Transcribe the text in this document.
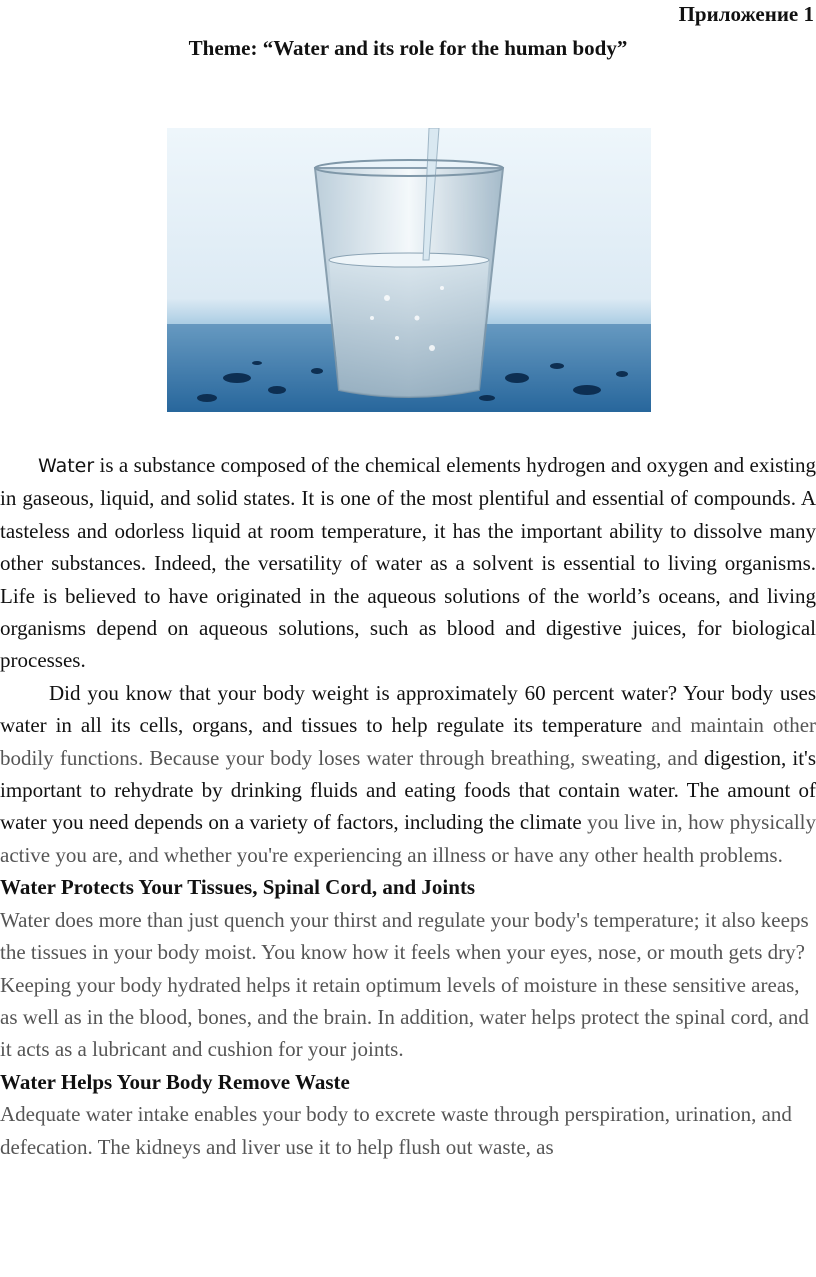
Приложение 1
Theme: “Water and its role for the human body”

Water is a substance composed of the chemical elements hydrogen and oxygen and existing in gaseous, liquid, and solid states. It is one of the most plentiful and essential of compounds. A tasteless and odorless liquid at room temperature, it has the important ability to dissolve many other substances. Indeed, the versatility of water as a solvent is essential to living organisms. Life is believed to have originated in the aqueous solutions of the world’s oceans, and living organisms depend on aqueous solutions, such as blood and digestive juices, for biological processes.

Did you know that your body weight is approximately 60 percent water? Your body uses water in all its cells, organs, and tissues to help regulate its temperature and maintain other bodily functions. Because your body loses water through breathing, sweating, and digestion, it's important to rehydrate by drinking fluids and eating foods that contain water. The amount of water you need depends on a variety of factors, including the climate you live in, how physically active you are, and whether you're experiencing an illness or have any other health problems.

Water Protects Your Tissues, Spinal Cord, and Joints

Water does more than just quench your thirst and regulate your body's temperature; it also keeps the tissues in your body moist. You know how it feels when your eyes, nose, or mouth gets dry? Keeping your body hydrated helps it retain optimum levels of moisture in these sensitive areas, as well as in the blood, bones, and the brain. In addition, water helps protect the spinal cord, and it acts as a lubricant and cushion for your joints.

Water Helps Your Body Remove Waste

Adequate water intake enables your body to excrete waste through perspiration, urination, and defecation. The kidneys and liver use it to help flush out waste, as
